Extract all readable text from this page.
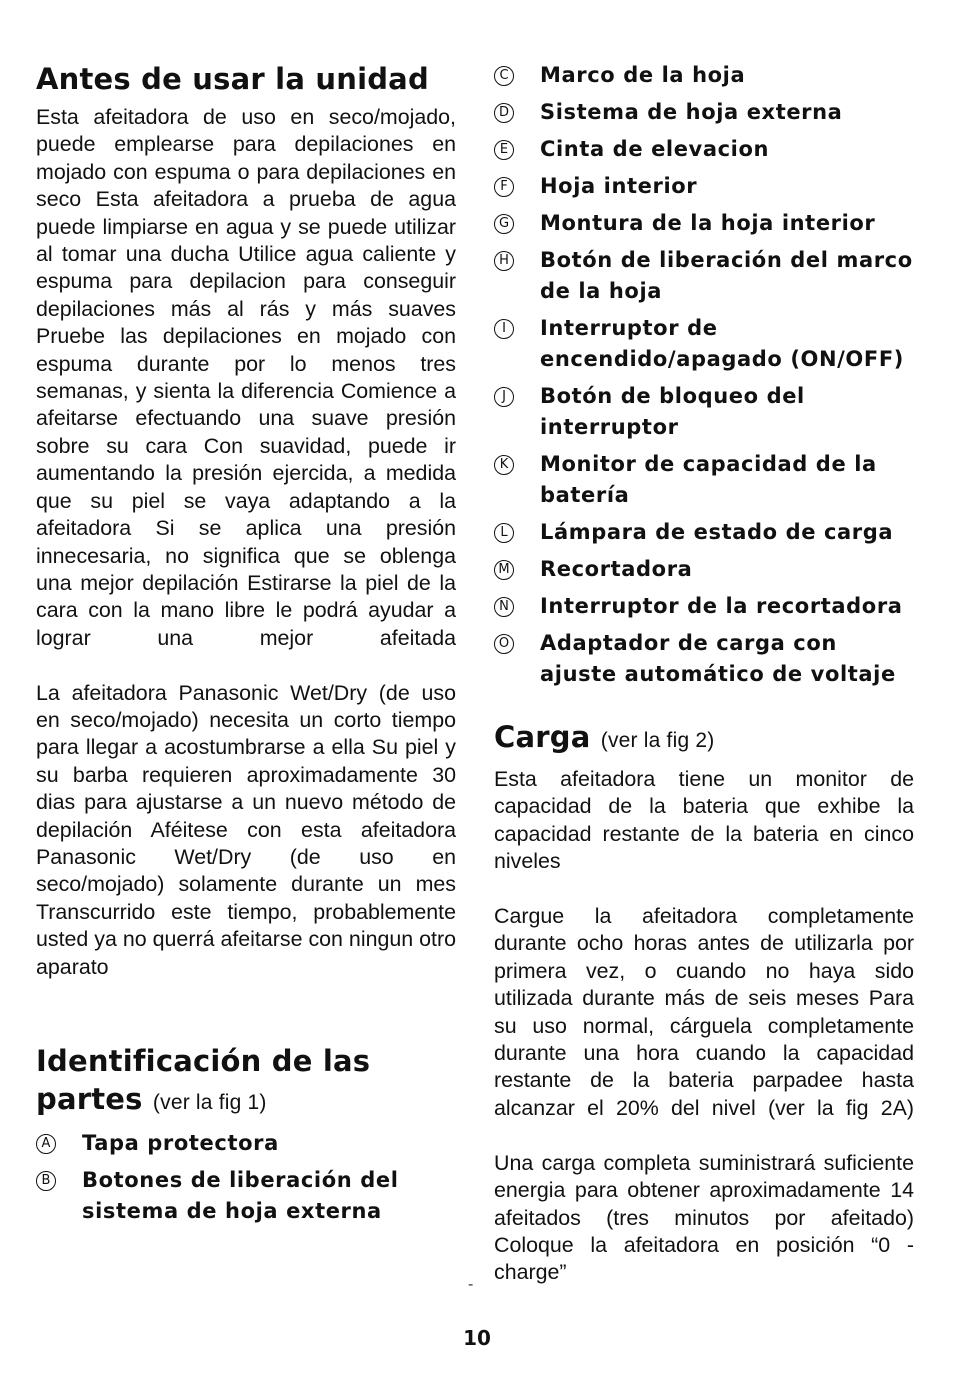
Antes de usar la unidad

Esta afeitadora de uso en seco/mojado, puede emplearse para depilaciones en mojado con espuma o para depilaciones en seco Esta afeitadora a prueba de agua puede limpiarse en agua y se puede utilizar al tomar una ducha Utilice agua caliente y espuma para depilacion para conseguir depilaciones más al rás y más suaves Pruebe las depilaciones en mojado con espuma durante por lo menos tres semanas, y sienta la diferencia Comience a afeitarse efectuando una suave presión sobre su cara Con suavidad, puede ir aumentando la presión ejercida, a medida que su piel se vaya adaptando a la afeitadora Si se aplica una presión innecesaria, no significa que se oblenga una mejor depilación Estirarse la piel de la cara con la mano libre le podrá ayudar a lograr una mejor afeitada

La afeitadora Panasonic Wet/Dry (de uso en seco/mojado) necesita un corto tiempo para llegar a acostumbrarse a ella Su piel y su barba requieren aproximadamente 30 dias para ajustarse a un nuevo método de depilación Aféitese con esta afeitadora Panasonic Wet/Dry (de uso en seco/mojado) solamente durante un mes Transcurrido este tiempo, probablemente usted ya no querrá afeitarse con ningun otro aparato

Identificación de las
partes (ver la fig 1)
A Tapa protectora
B Botones de liberación del sistema de hoja externa
C Marco de la hoja
D Sistema de hoja externa
E Cinta de elevacion
F Hoja interior
G Montura de la hoja interior
H Botón de liberación del marco de la hoja
I	Interruptor de encendido/apagado (ON/OFF)
J	Botón de bloqueo del interruptor
K Monitor de capacidad de la batería
L	Lámpara de estado de carga
M Recortadora
N Interruptor de la recortadora
O Adaptador de carga con ajuste automático de voltaje
Carga (ver la fig 2)

Esta afeitadora tiene un monitor de capacidad de la bateria que exhibe la capacidad restante de la bateria en cinco niveles

Cargue la afeitadora completamente durante ocho horas antes de utilizarla por primera vez, o cuando no haya sido utilizada durante más de seis meses Para su uso normal, cárguela completamente durante una hora cuando la capacidad restante de la bateria parpadee hasta alcanzar el 20% del nivel (ver la fig 2A)

Una carga completa suministrará suficiente energia para obtener aproximadamente 14 afeitados (tres minutos por afeitado) Coloque la afeitadora en posición “0 - charge”

-
10
